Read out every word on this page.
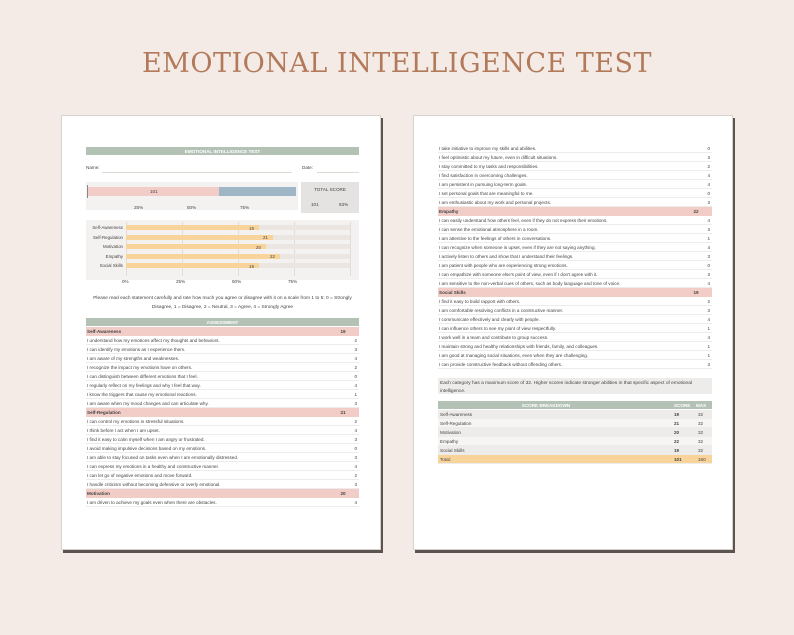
EMOTIONAL INTELLIGENCE TEST
EMOTIONAL INTELLIGENCE TEST
Name:	Date:
101
25%	50%	75%
TOTAL SCORE
101	63%
Self-Awareness	19
Self-Regulation	21
Motivation	20
Empathy	22
Social Skills	19
0%	25%	50%	75%
Please read each statement carefully and rate how much you agree or disagree with it on a scale from 1 to 5: 0 = Strongly Disagree, 1 = Disagree, 2 = Neutral, 3 = Agree, 4 = Strongly Agree
ASSESSMENT
Self-Awareness	19
I understand how my emotions affect my thoughts and behaviors.	2
I can identify my emotions as I experience them.	3
I am aware of my strengths and weaknesses.	4
I recognize the impact my emotions have on others.	2
I can distinguish between different emotions that I feel.	0
I regularly reflect on my feelings and why I feel that way.	4
I know the triggers that cause my emotional reactions.	1
I am aware when my mood changes and can articulate why.	3
Self-Regulation	21
I can control my emotions in stressful situations.	2
I think before I act when I am upset.	4
I find it easy to calm myself when I am angry or frustrated.	3
I avoid making impulsive decisions based on my emotions.	0
I am able to stay focused on tasks even when I am emotionally distressed.	3
I can express my emotions in a healthy and constructive manner.	4
I can let go of negative emotions and move forward.	2
I handle criticism without becoming defensive or overly emotional.	3
Motivation	20
I am driven to achieve my goals even when there are obstacles.	4
I take initiative to improve my skills and abilities.	0
I feel optimistic about my future, even in difficult situations.	3
I stay committed to my tasks and responsibilities.	2
I find satisfaction in overcoming challenges.	4
I am persistent in pursuing long-term goals.	4
I set personal goals that are meaningful to me.	0
I am enthusiastic about my work and personal projects.	3
Empathy	22
I can easily understand how others feel, even if they do not express their emotions.	4
I can sense the emotional atmosphere in a room.	3
I am attentive to the feelings of others in conversations.	1
I can recognize when someone is upset, even if they are not saying anything.	4
I actively listen to others and show that I understand their feelings.	3
I am patient with people who are experiencing strong emotions.	0
I can empathize with someone else's point of view, even if I don't agree with it.	3
I am sensitive to the non-verbal cues of others, such as body language and tone of voice.	4
Social Skills	19
I find it easy to build rapport with others.	2
I am comfortable resolving conflicts in a constructive manner.	3
I communicate effectively and clearly with people.	4
I can influence others to see my point of view respectfully.	1
I work well in a team and contribute to group success.	4
I maintain strong and healthy relationships with friends, family, and colleagues.	1
I am good at managing social situations, even when they are challenging.	1
I can provide constructive feedback without offending others.	3
Each category has a maximum score of 32. Higher scores indicate stronger abilities in that specific aspect of emotional intelligence.
SCORE BREAKDOWN	SCORE MAX
Self-Awareness	19	32
Self-Regulation	21	32
Motivation	20	32
Empathy	22	32
Social Skills	19	32
Total:	101	160
